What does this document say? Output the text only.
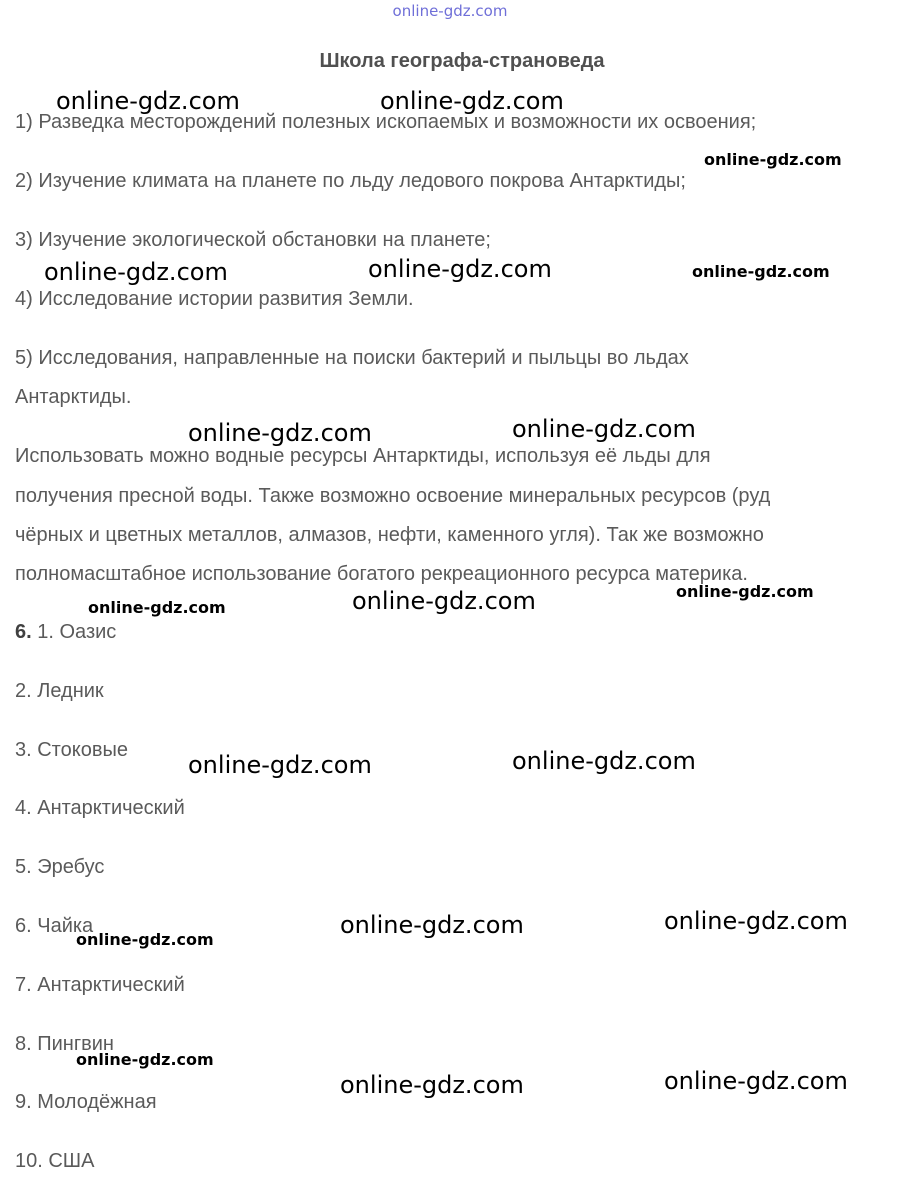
online-gdz.com
Школа географа-страноведа
1) Разведка месторождений полезных ископаемых и возможности их освоения;
2) Изучение климата на планете по льду ледового покрова Антарктиды;
3) Изучение экологической обстановки на планете;
4) Исследование истории развития Земли.
5) Исследования, направленные на поиски бактерий и пыльцы во льдах
Антарктиды.
Использовать можно водные ресурсы Антарктиды, используя её льды для
получения пресной воды. Также возможно освоение минеральных ресурсов (руд
чёрных и цветных металлов, алмазов, нефти, каменного угля). Так же возможно
полномасштабное использование богатого рекреационного ресурса материка.
6. 1. Оазис
2. Ледник
3. Стоковые
4. Антарктический
5. Эребус
6. Чайка
7. Антарктический
8. Пингвин
9. Молодёжная
10. США
online-gdz.com	online-gdz.com
online-gdz.com
online-gdz.com	online-gdz.com	online-gdz.com
online-gdz.com	online-gdz.com
online-gdz.com	online-gdz.com	online-gdz.com
online-gdz.com	online-gdz.com
online-gdz.com
online-gdz.com	online-gdz.com
online-gdz.com
online-gdz.com	online-gdz.com
